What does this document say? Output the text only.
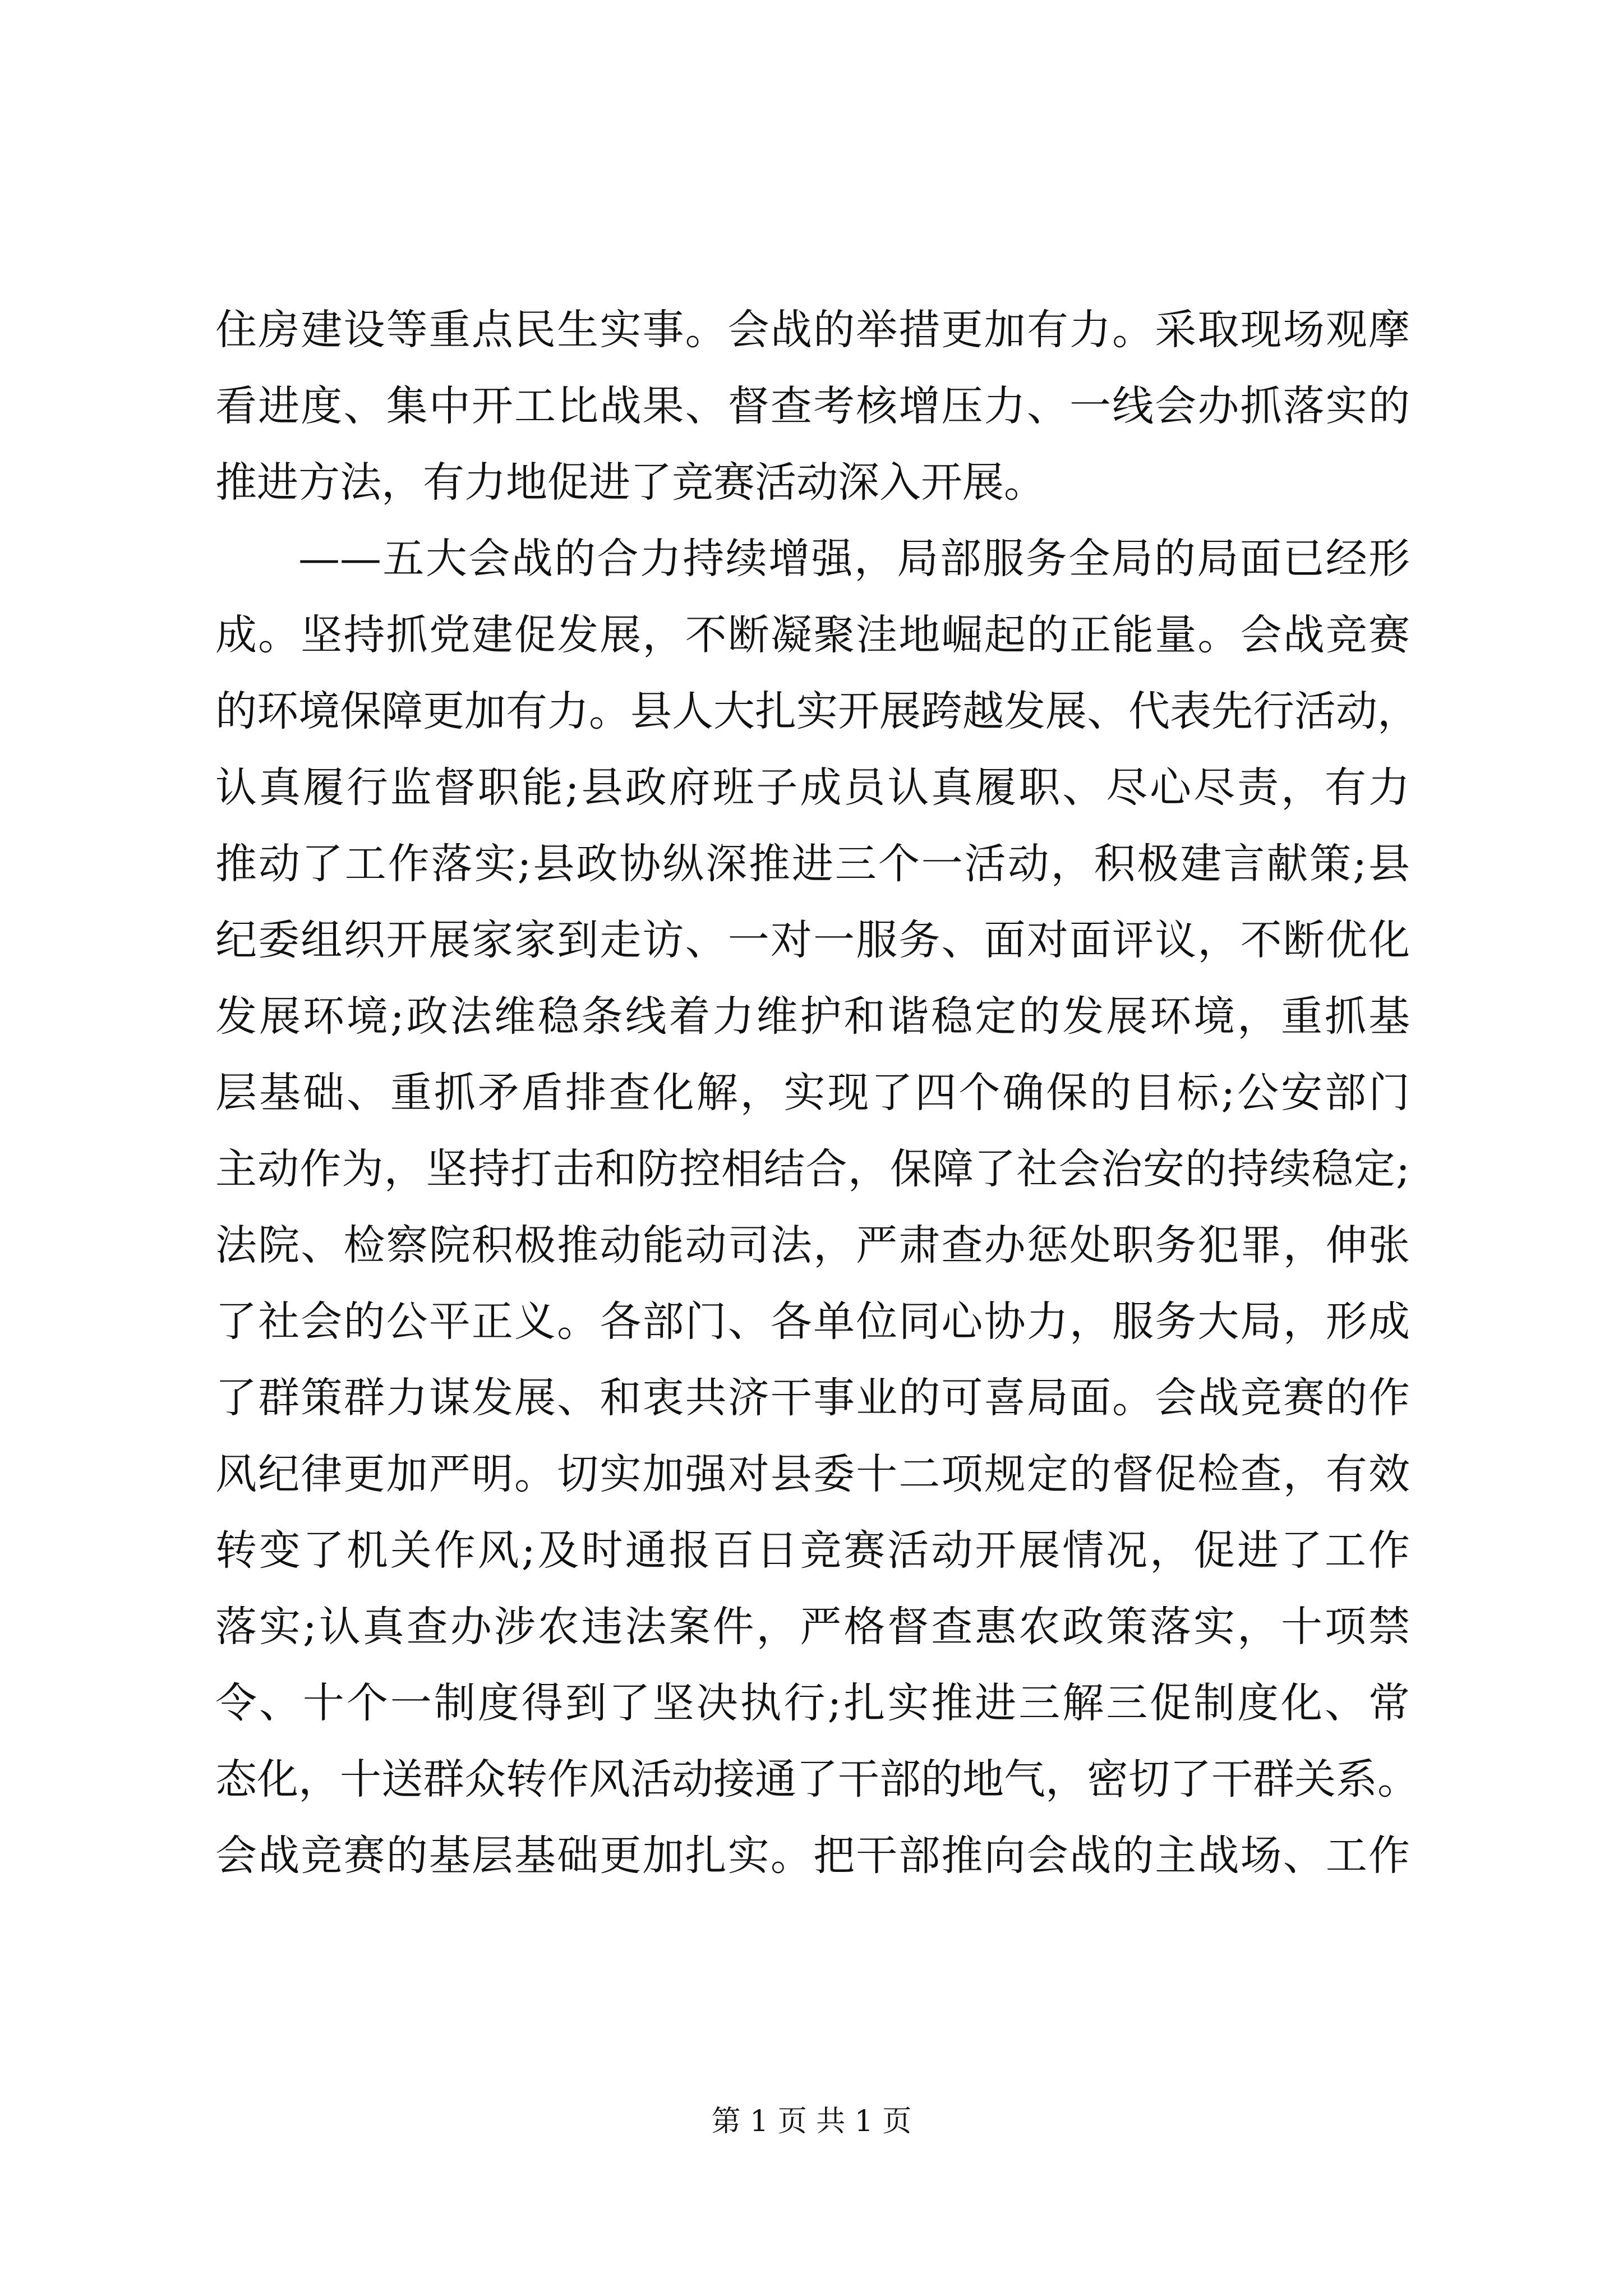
住房建设等重点民生实事。会战的举措更加有力。采取现场观摩
看进度、集中开工比战果、督查考核增压力、一线会办抓落实的
推进方法，有力地促进了竞赛活动深入开展。
——五大会战的合力持续增强，局部服务全局的局面已经形
成。坚持抓党建促发展，不断凝聚洼地崛起的正能量。会战竞赛
的环境保障更加有力。县人大扎实开展跨越发展、代表先行活动，
认真履行监督职能;县政府班子成员认真履职、尽心尽责，有力
推动了工作落实;县政协纵深推进三个一活动，积极建言献策;县
纪委组织开展家家到走访、一对一服务、面对面评议，不断优化
发展环境;政法维稳条线着力维护和谐稳定的发展环境，重抓基
层基础、重抓矛盾排查化解，实现了四个确保的目标;公安部门
主动作为，坚持打击和防控相结合，保障了社会治安的持续稳定;
法院、检察院积极推动能动司法，严肃查办惩处职务犯罪，伸张
了社会的公平正义。各部门、各单位同心协力，服务大局，形成
了群策群力谋发展、和衷共济干事业的可喜局面。会战竞赛的作
风纪律更加严明。切实加强对县委十二项规定的督促检查，有效
转变了机关作风;及时通报百日竞赛活动开展情况，促进了工作
落实;认真查办涉农违法案件，严格督查惠农政策落实，十项禁
令、十个一制度得到了坚决执行;扎实推进三解三促制度化、常
态化，十送群众转作风活动接通了干部的地气，密切了干群关系。
会战竞赛的基层基础更加扎实。把干部推向会战的主战场、工作
第 1 页 共 1 页
